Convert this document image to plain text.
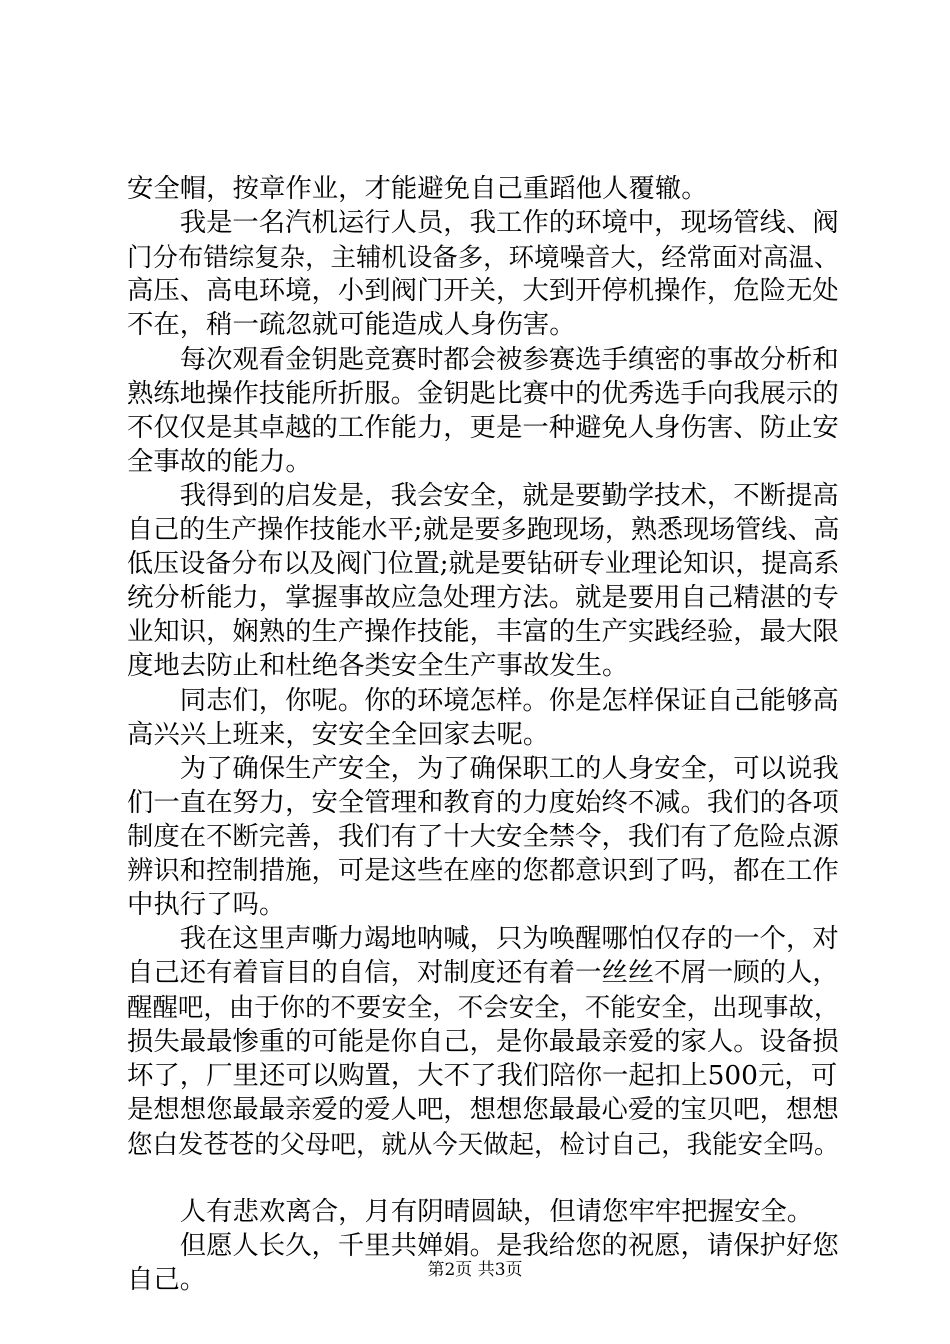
安全帽，按章作业，才能避免自己重蹈他人覆辙。
　　我是一名汽机运行人员，我工作的环境中，现场管线、阀
门分布错综复杂，主辅机设备多，环境噪音大，经常面对高温、
高压、高电环境，小到阀门开关，大到开停机操作，危险无处
不在，稍一疏忽就可能造成人身伤害。
　　每次观看金钥匙竞赛时都会被参赛选手缜密的事故分析和
熟练地操作技能所折服。金钥匙比赛中的优秀选手向我展示的
不仅仅是其卓越的工作能力，更是一种避免人身伤害、防止安
全事故的能力。
　　我得到的启发是，我会安全，就是要勤学技术，不断提高
自己的生产操作技能水平;就是要多跑现场，熟悉现场管线、高
低压设备分布以及阀门位置;就是要钻研专业理论知识，提高系
统分析能力，掌握事故应急处理方法。就是要用自己精湛的专
业知识，娴熟的生产操作技能，丰富的生产实践经验，最大限
度地去防止和杜绝各类安全生产事故发生。
　　同志们，你呢。你的环境怎样。你是怎样保证自己能够高
高兴兴上班来，安安全全回家去呢。
　　为了确保生产安全，为了确保职工的人身安全，可以说我
们一直在努力，安全管理和教育的力度始终不减。我们的各项
制度在不断完善，我们有了十大安全禁令，我们有了危险点源
辨识和控制措施，可是这些在座的您都意识到了吗，都在工作
中执行了吗。
　　我在这里声嘶力竭地呐喊，只为唤醒哪怕仅存的一个，对
自己还有着盲目的自信，对制度还有着一丝丝不屑一顾的人，
醒醒吧，由于你的不要安全，不会安全，不能安全，出现事故，
损失最最惨重的可能是你自己，是你最最亲爱的家人。设备损
坏了，厂里还可以购置，大不了我们陪你一起扣上500元，可
是想想您最最亲爱的爱人吧，想想您最最心爱的宝贝吧，想想
您白发苍苍的父母吧，就从今天做起，检讨自己，我能安全吗。
　　人有悲欢离合，月有阴晴圆缺，但请您牢牢把握安全。
　　但愿人长久，千里共婵娟。是我给您的祝愿，请保护好您
自己。	第2页 共3页
